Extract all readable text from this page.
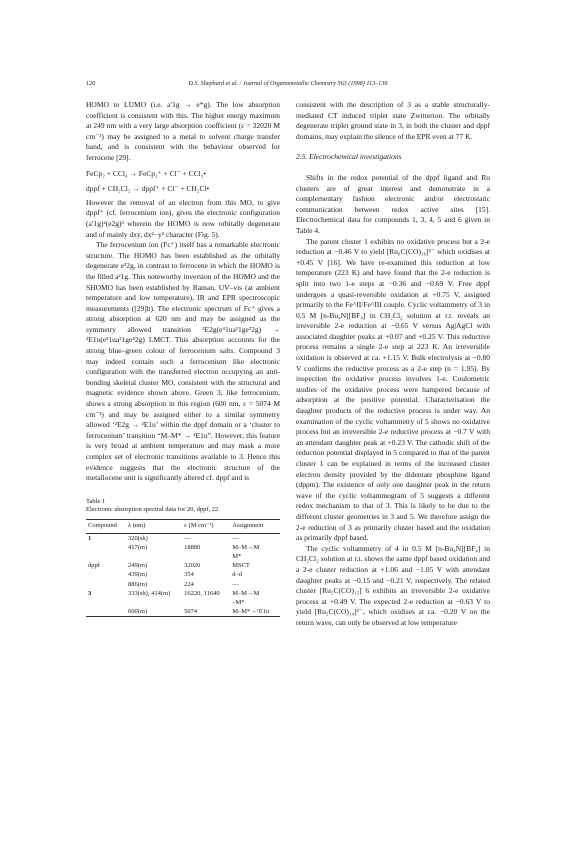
120	D.S. Shephard et al. / Journal of Organometallic Chemistry 563 (1998) 113–136

HOMO to LUMO (i.e. a′1g → e*g). The low absorption coefficient is consistent with this. The higher energy maximum at 249 nm with a very large absorption coefficient (ε = 32020 M cm⁻¹) may be assigned to a metal to solvent charge transfer band, and is consistent with the behaviour observed for ferrocene [29].

FeCp₂ + CCl₄ → FeCp₂⁺ + Cl⁻ + CCl₃•
dppf + CH₂Cl₂ → dppf⁺ + Cl⁻ + CH₂Cl•

However the removal of an electron from this MO, to give dppf⁺ (cf. ferrocenium ion), gives the electronic configuration (a′1g)²(e2g)³ wherein the HOMO is now orbitally degenerate and of mainly dxy, dx²−y² character (Fig. 5).

The ferrocenium ion (Fc⁺) itself has a remarkable electronic structure. The HOMO has been established as the orbitally degenerate e³2g, in contrast to ferrocene in which the HOMO is the filled a²1g. This noteworthy inversion of the HOMO and the SHOMO has been established by Raman, UV–vis (at ambient temperature and low temperature), IR and EPR spectroscopic measurements ([29]b). The electronic spectrum of Fc⁺ gives a strong absorption at 620 nm and may be assigned as the symmetry allowed transition ²E2g(e⁴1ua²1ge³2g) → ²E1u(e³1ua²1ge⁴2g) LMCT. This absorption accounts for the strong blue–green colour of ferrocenium salts. Compound 3 may indeed contain such a ferrocenium like electronic configuration with the transferred electron occupying an anti-bonding skeletal cluster MO, consistent with the structural and magnetic evidence shown above. Green 3, like ferrocenium, shows a strong absorption in this region (600 nm, ε = 5074 M cm⁻¹) and may be assigned either to a similar symmetry allowed ‘²E2g → ²E1u’ within the dppf domain or a ‘cluster to ferrocenium’ transition “M–M* → ¹E1u”. However, this feature is very broad at ambient temperature and may mask a more complex set of electronic transitions available to 3. Hence this evidence suggests that the electronic structure of the metallocene unit is significantly altered cf. dppf and is

Table 1
Electronic absorption spectral data for 20, dppf, 22
Compound	λ (nm)	ε (M cm⁻¹)	Assignment
1	320(sh)	—	—
	417(m)	18880	M–M→M
			M*
dppf	249(m)	32020	MSCT
	439(m)	354	d–d
	886(m)	224	—
3	333(sh), 414(m)	16220, 11640	M–M→M
			–M*
	600(m)	5074	M–M*→¹E1u

consistent with the description of 3 as a stable structurally-mediated CT induced triplet state Zwitterion. The orbitally degenerate triplet ground state in 3, in both the cluster and dppf domains, may explain the silence of the EPR even at 77 K.

2.5. Electrochemical investigations

Shifts in the redox potential of the dppf ligand and Ru clusters are of great interest and demonstrate in a complementary fashion electronic and/or electrostatic communication between redox active sites [15]. Electrochemical data for compounds 1, 3, 4, 5 and 6 given in Table 4.

The parent cluster 1 exhibits no oxidative process but a 2-e reduction at −0.46 V to yield [Ru₆C(CO)₁₆]²⁻ which oxidises at +0.45 V [16]. We have re-examined this reduction at low temperature (223 K) and have found that the 2-e reduction is split into two 1-e steps at −0.36 and −0.69 V. Free dppf undergoes a quasi-reversible oxidation at +0.75 V, assigned primarily to the Fe^II/Fe^III couple. Cyclic voltammetry of 3 in 0.5 M [n-Bu₄N][BF₄] in CH₂Cl₂ solution at r.t. reveals an irreversible 2-e reduction at −0.65 V versus Ag|AgCl with associated daughter peaks at +0.07 and +0.25 V. This reductive process remains a single 2-e step at 223 K. An irreversible oxidation is observed at ca. +1.15 V. Bulk electrolysis at −0.80 V confirms the reductive process as a 2-e step (n = 1.95). By inspection the oxidative process involves 1-e. Coulometric studies of the oxidative process were hampered because of adsorption at the positive potential. Characterisation the daughter products of the reductive process is under way. An examination of the cyclic voltammetry of 5 shows no oxidative process but an irreversible 2-e reductive process at −0.7 V with an attendant daughter peak at +0.23 V. The cathodic shift of the reduction potential displayed in 5 compared to that of the parent cluster 1 can be explained in terms of the increased cluster electron density provided by the didentate phosphine ligand (dppm). The existence of only one daughter peak in the return wave of the cyclic voltammogram of 5 suggests a different redox mechanism to that of 3. This is likely to be due to the different cluster geometries in 3 and 5. We therefore assign the 2-e reduction of 3 as primarily cluster based and the oxidation as primarily dppf based.

The cyclic voltammetry of 4 in 0.5 M [n-Bu₄N][BF₄] in CH₂Cl₂ solution at r.t. shows the same dppf based oxidation and a 2-e cluster reduction at +1.06 and −1.05 V with attendant daughter peaks at −0.15 and −0.21 V, respectively. The related cluster [Ru₅C(CO)₁₅] 6 exhibits an irreversible 2-e oxidative process at +0.49 V. The expected 2-e reduction at −0.63 V to yield [Ru₅C(CO)₁₄]²⁻, which oxidises at ca. −0.20 V on the return wave, can only be observed at low temperature
